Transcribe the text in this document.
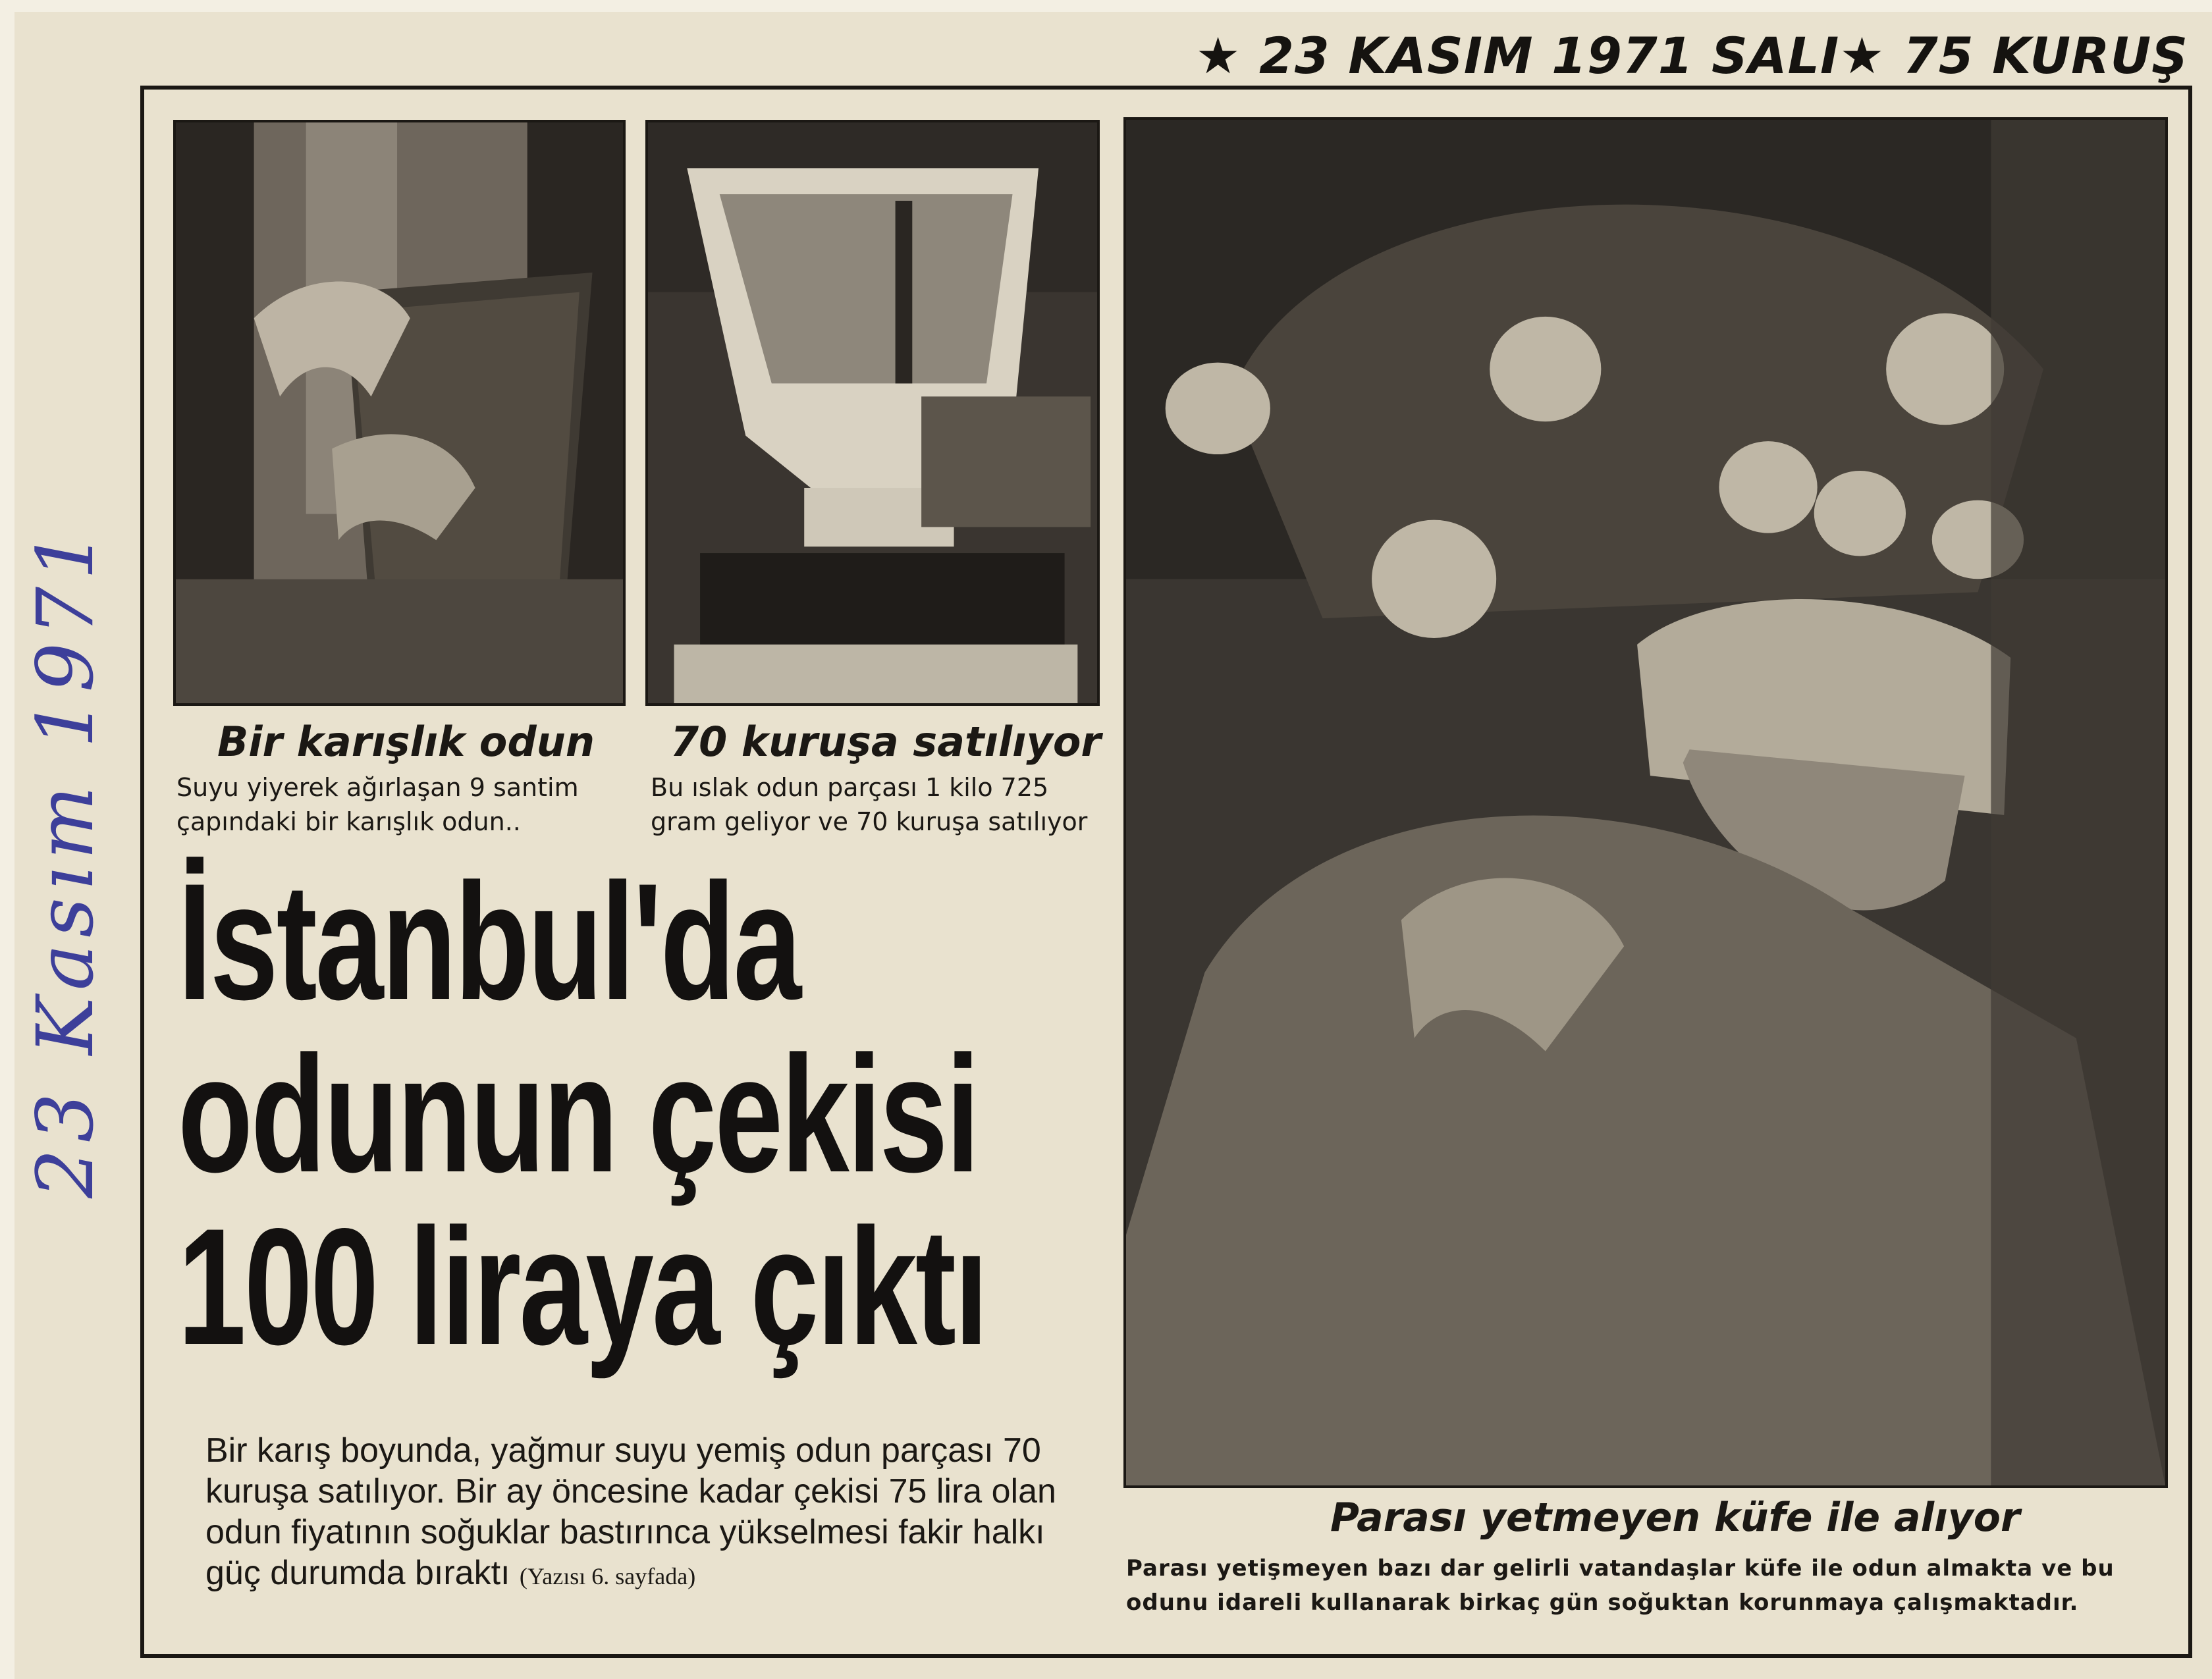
★ 23 KASIM 1971 SALI★ 75 KURUŞ
23 Kasım 1971	Bir karışlık odun
Suyu yiyerek ağırlaşan 9 santim çapındaki bir karışlık odun..
70 kuruşa satılıyor
Bu ıslak odun parçası 1 kilo 725 gram geliyor ve 70 kuruşa satılıyor
İstanbul'da
odunun çekisi
100 liraya çıktı
Bir karış boyunda, yağmur suyu yemiş odun parçası 70 kuruşa satılıyor. Bir ay öncesine kadar çekisi 75 lira olan odun fiyatının soğuklar bastırınca yükselmesi fakir halkı güç durumda bıraktı (Yazısı 6. sayfada)
Parası yetmeyen küfe ile alıyor
Parası yetişmeyen bazı dar gelirli vatandaşlar küfe ile odun almakta ve bu odunu idareli kullanarak birkaç gün soğuktan korunmaya çalışmaktadır.
